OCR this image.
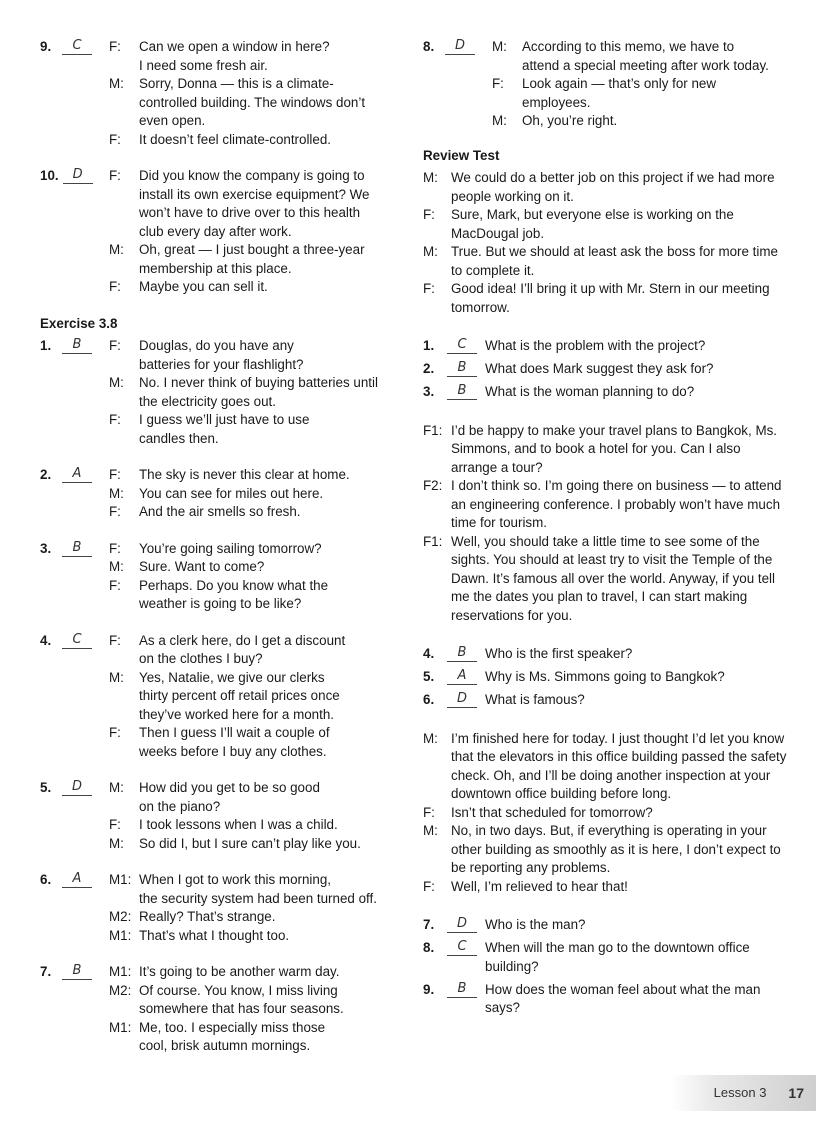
9.	C	F:	Can we open a window in here?
I need some fresh air.
M:	Sorry, Donna — this is a climate-
controlled building. The windows don’t
even open.
F:	It doesn’t feel climate-controlled.
10.	D	F:	Did you know the company is going to
install its own exercise equipment? We
won’t have to drive over to this health
club every day after work.
M:	Oh, great — I just bought a three-year
membership at this place.
F:	Maybe you can sell it.
Exercise 3.8
1.	B	F:	Douglas, do you have any
batteries for your flashlight?
M:	No. I never think of buying batteries until
the electricity goes out.
F:	I guess we’ll just have to use
candles then.
2.	A	F:	The sky is never this clear at home.
M:	You can see for miles out here.
F:	And the air smells so fresh.
3.	B	F:	You’re going sailing tomorrow?
M:	Sure. Want to come?
F:	Perhaps. Do you know what the
weather is going to be like?
4.	C	F:	As a clerk here, do I get a discount
on the clothes I buy?
M:	Yes, Natalie, we give our clerks
thirty percent off retail prices once
they’ve worked here for a month.
F:	Then I guess I’ll wait a couple of
weeks before I buy any clothes.
5.	D	M:	How did you get to be so good
on the piano?
F:	I took lessons when I was a child.
M:	So did I, but I sure can’t play like you.
6.	A	M1: When I got to work this morning,
the security system had been turned off.
M2: Really? That’s strange.
M1: That’s what I thought too.
7.	B	M1: It’s going to be another warm day.
M2: Of course. You know, I miss living
somewhere that has four seasons.
M1: Me, too. I especially miss those
cool, brisk autumn mornings.
8.	D	M:	According to this memo, we have to
attend a special meeting after work today.
F:	Look again — that’s only for new
employees.
M:	Oh, you’re right.
Review Test
M: We could do a better job on this project if we had more people working on it.
F:	Sure, Mark, but everyone else is working on the MacDougal job.
M: True. But we should at least ask the boss for more time to complete it.
F:	Good idea! I’ll bring it up with Mr. Stern in our meeting tomorrow.
1.	C	What is the problem with the project?
2.	B	What does Mark suggest they ask for?
3.	B	What is the woman planning to do?
F1: I’d be happy to make your travel plans to Bangkok, Ms. Simmons, and to book a hotel for you. Can I also arrange a tour?
F2: I don’t think so. I’m going there on business — to attend an engineering conference. I probably won’t have much time for tourism.
F1: Well, you should take a little time to see some of the sights. You should at least try to visit the Temple of the Dawn. It’s famous all over the world. Anyway, if you tell me the dates you plan to travel, I can start making reservations for you.
4.	B	Who is the first speaker?
5.	A	Why is Ms. Simmons going to Bangkok?
6.	D	What is famous?
M: I’m finished here for today. I just thought I’d let you know that the elevators in this office building passed the safety check. Oh, and I’ll be doing another inspection at your downtown office building before long.
F:	Isn’t that scheduled for tomorrow?
M: No, in two days. But, if everything is operating in your other building as smoothly as it is here, I don’t expect to be reporting any problems.
F:	Well, I’m relieved to hear that!
7.	D	Who is the man?
8.	C	When will the man go to the downtown office building?
9.	B	How does the woman feel about what the man says?
Lesson 3 17
